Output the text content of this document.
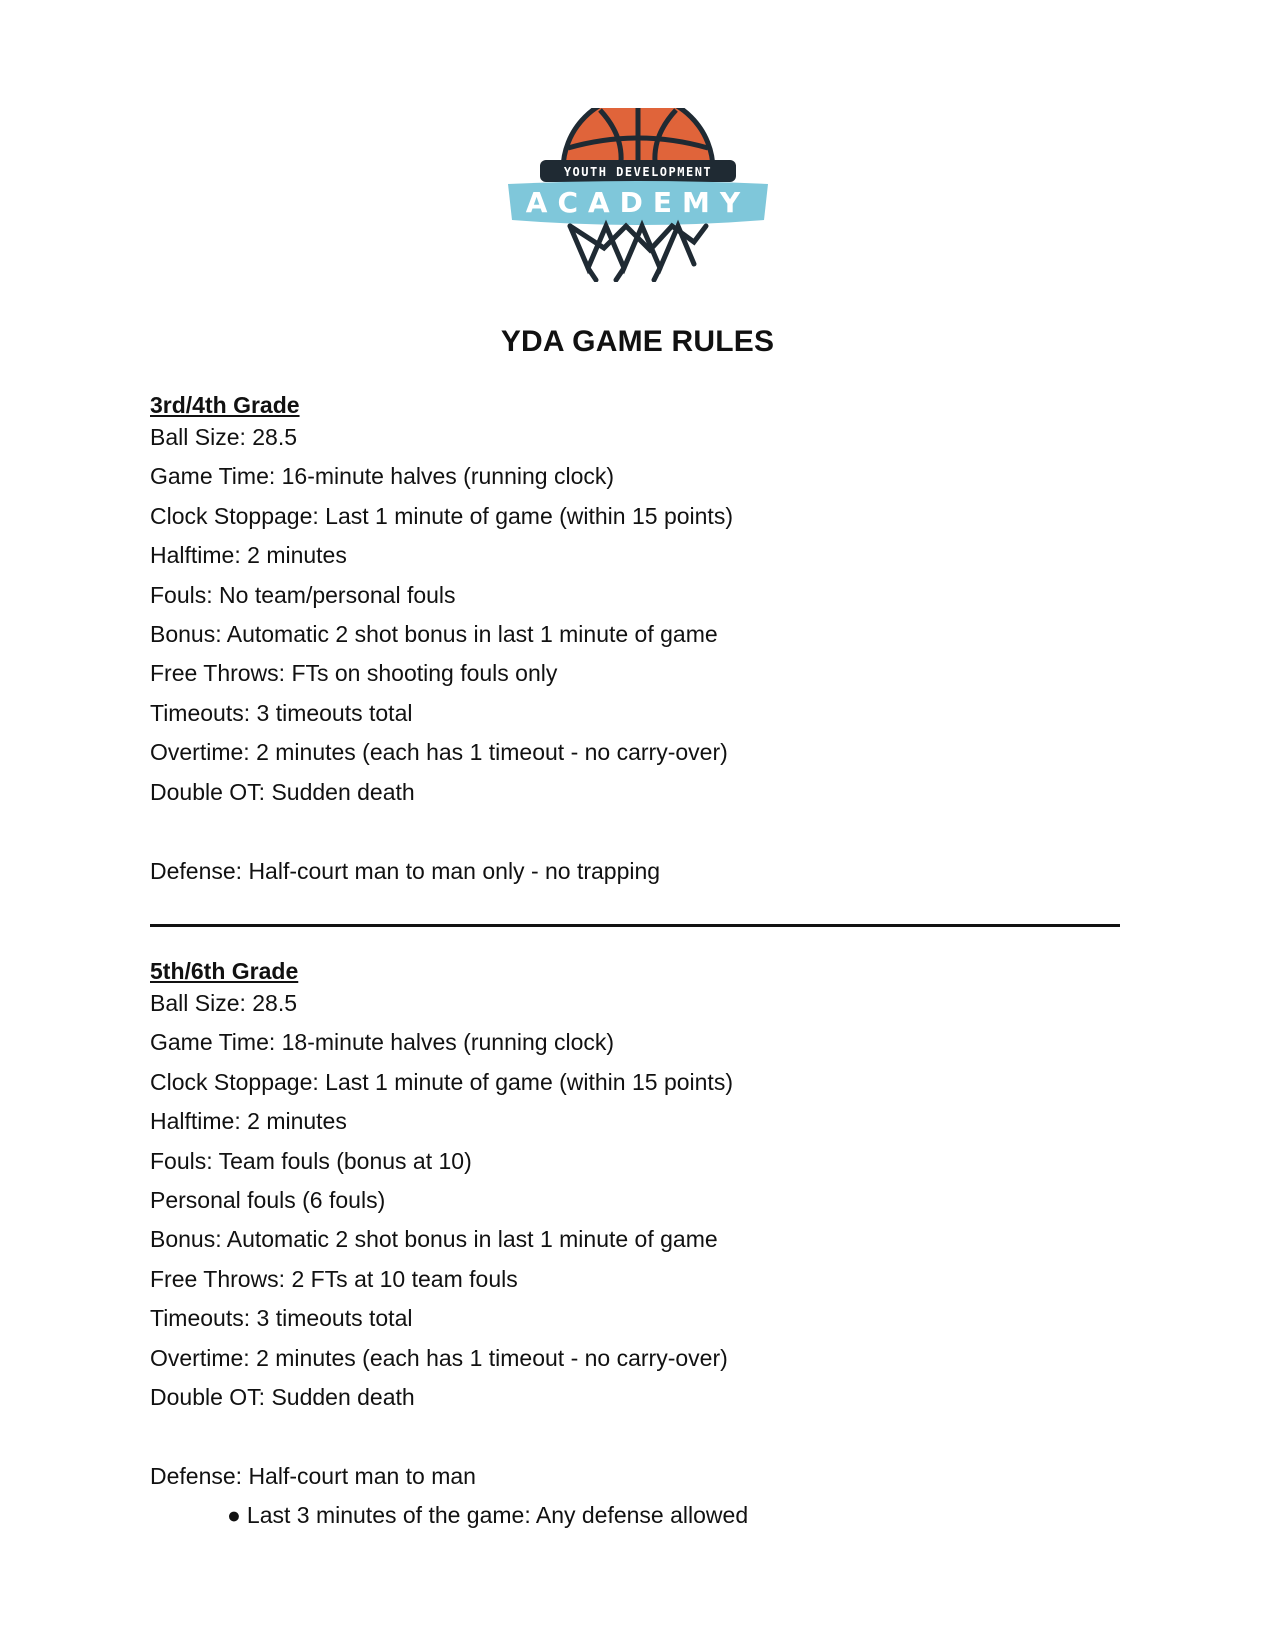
YOUTH DEVELOPMENT
ACADEMY
YDA GAME RULES
3rd/4th Grade
Ball Size: 28.5
Game Time: 16-minute halves (running clock)
Clock Stoppage: Last 1 minute of game (within 15 points)
Halftime: 2 minutes
Fouls: No team/personal fouls
Bonus: Automatic 2 shot bonus in last 1 minute of game
Free Throws: FTs on shooting fouls only
Timeouts: 3 timeouts total
Overtime: 2 minutes (each has 1 timeout - no carry-over)
Double OT: Sudden death
Defense: Half-court man to man only - no trapping
5th/6th Grade
Ball Size: 28.5
Game Time: 18-minute halves (running clock)
Clock Stoppage: Last 1 minute of game (within 15 points)
Halftime: 2 minutes
Fouls: Team fouls (bonus at 10)
Personal fouls (6 fouls)
Bonus: Automatic 2 shot bonus in last 1 minute of game
Free Throws: 2 FTs at 10 team fouls
Timeouts: 3 timeouts total
Overtime: 2 minutes (each has 1 timeout - no carry-over)
Double OT: Sudden death
Defense: Half-court man to man
● Last 3 minutes of the game: Any defense allowed
